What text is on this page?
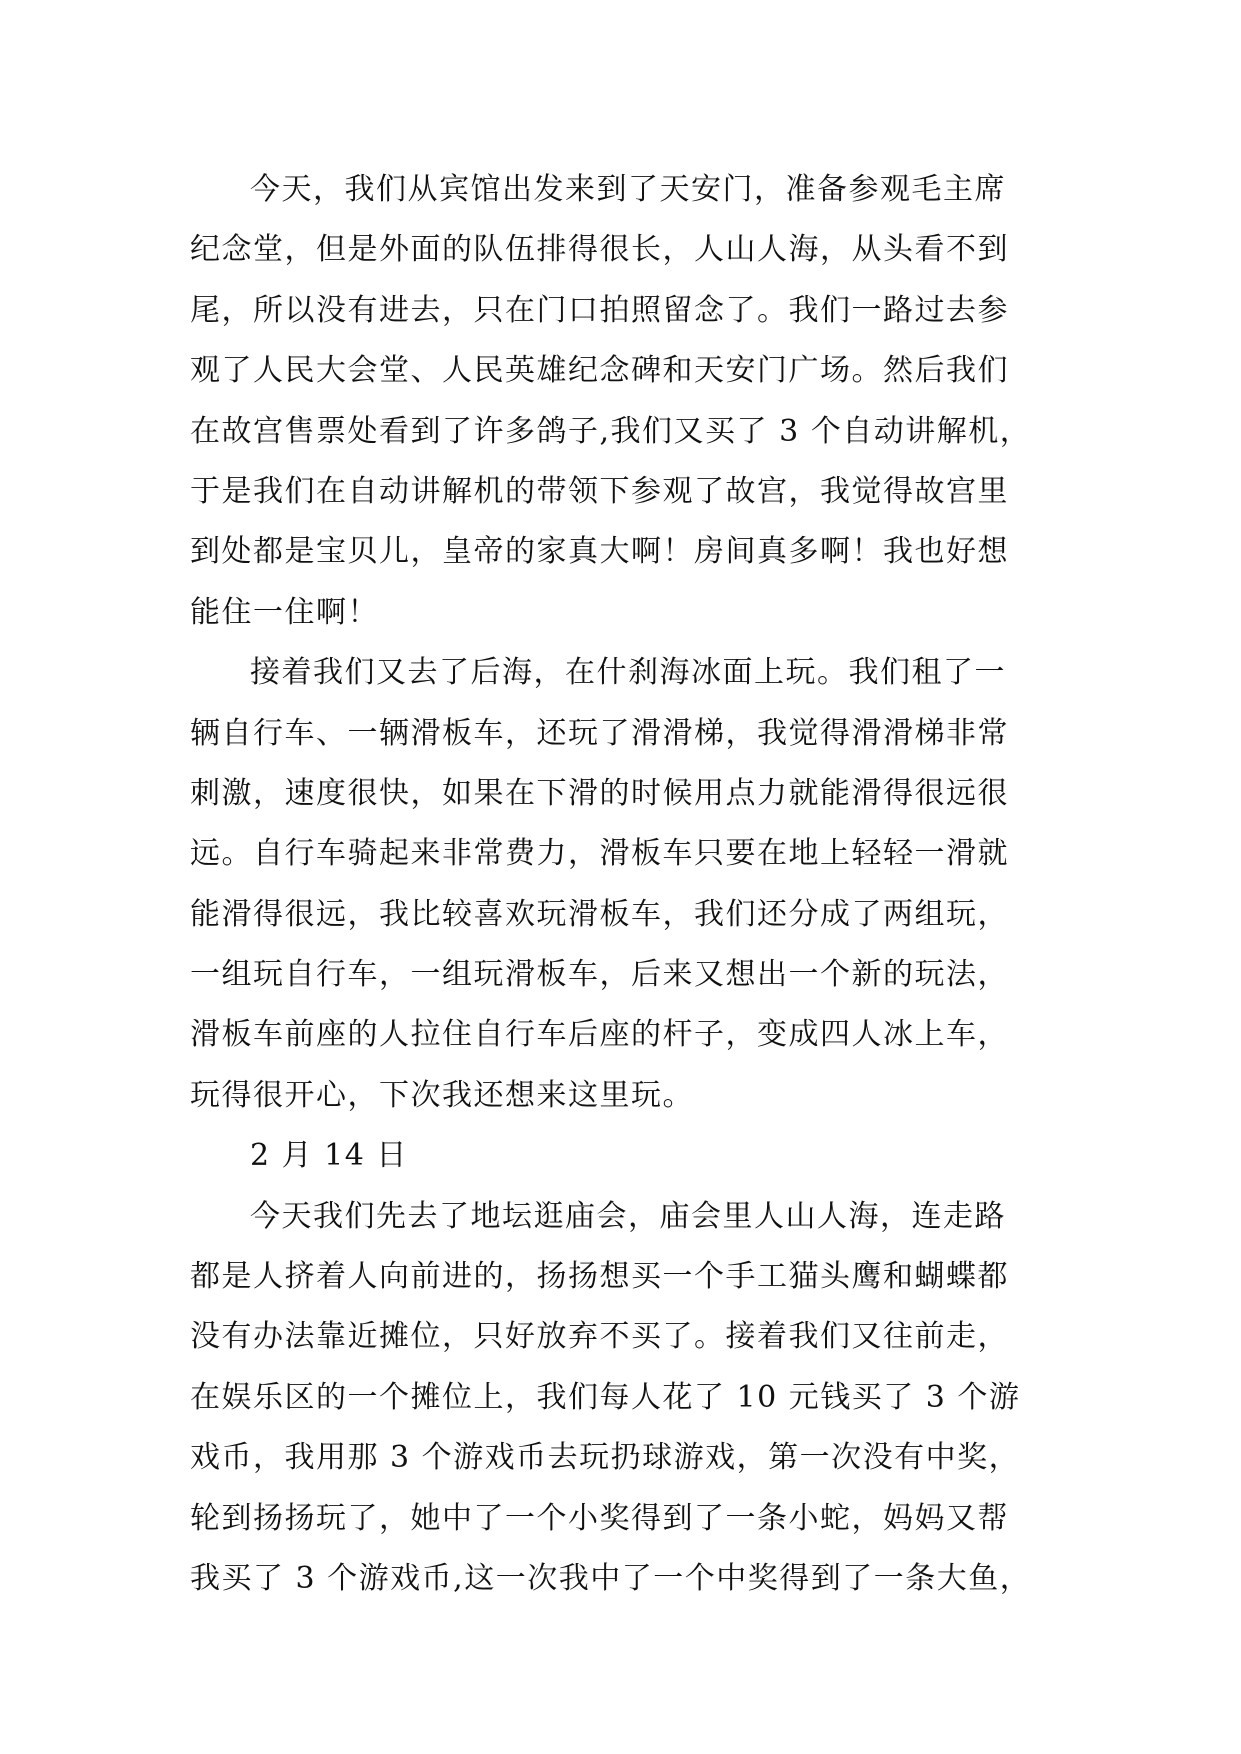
今天，我们从宾馆出发来到了天安门，准备参观毛主席
纪念堂，但是外面的队伍排得很长，人山人海，从头看不到
尾，所以没有进去，只在门口拍照留念了。我们一路过去参
观了人民大会堂、人民英雄纪念碑和天安门广场。然后我们
在故宫售票处看到了许多鸽子,我们又买了 3 个自动讲解机，
于是我们在自动讲解机的带领下参观了故宫，我觉得故宫里
到处都是宝贝儿，皇帝的家真大啊！房间真多啊！我也好想
能住一住啊！
接着我们又去了后海，在什刹海冰面上玩。我们租了一
辆自行车、一辆滑板车，还玩了滑滑梯，我觉得滑滑梯非常
刺激，速度很快，如果在下滑的时候用点力就能滑得很远很
远。自行车骑起来非常费力，滑板车只要在地上轻轻一滑就
能滑得很远，我比较喜欢玩滑板车，我们还分成了两组玩，
一组玩自行车，一组玩滑板车，后来又想出一个新的玩法，
滑板车前座的人拉住自行车后座的杆子，变成四人冰上车，
玩得很开心，下次我还想来这里玩。
2 月 14 日
今天我们先去了地坛逛庙会，庙会里人山人海，连走路
都是人挤着人向前进的，扬扬想买一个手工猫头鹰和蝴蝶都
没有办法靠近摊位，只好放弃不买了。接着我们又往前走，
在娱乐区的一个摊位上，我们每人花了 10 元钱买了 3 个游
戏币，我用那 3 个游戏币去玩扔球游戏，第一次没有中奖，
轮到扬扬玩了，她中了一个小奖得到了一条小蛇，妈妈又帮
我买了 3 个游戏币,这一次我中了一个中奖得到了一条大鱼，
